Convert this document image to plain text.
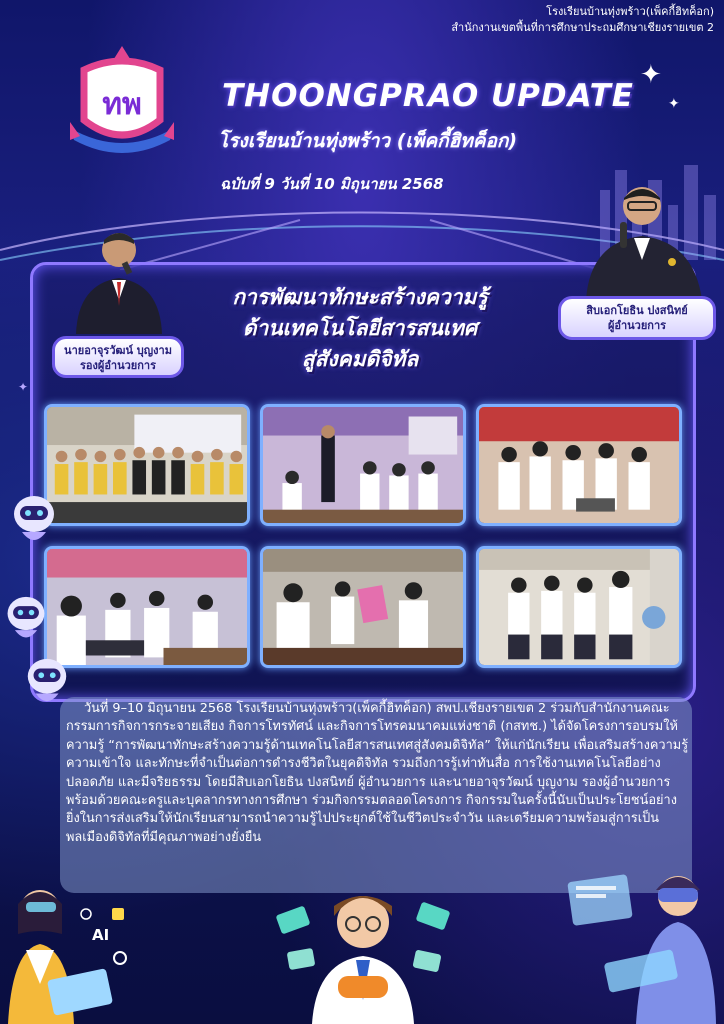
โรงเรียนบ้านทุ่งพร้าว(เพ็คกี้ฮิทค็อก)
สำนักงานเขตพื้นที่การศึกษาประถมศึกษาเชียงรายเขต 2
✦
✦
✦
ทพ	THOONGPRAO UPDATE
โรงเรียนบ้านทุ่งพร้าว (เพ็คกี้ฮิทค็อก)
ฉบับที่ 9 วันที่ 10 มิถุนายน 2568
นายอาจุรวัฒน์ บุญงาม
รองผู้อำนวยการ
สิบเอกโยธิน ปงสนิทย์
ผู้อำนวยการ
การพัฒนาทักษะสร้างความรู้
ด้านเทคโนโลยีสารสนเทศ
สู่สังคมดิจิทัล

วันที่ 9–10 มิถุนายน 2568 โรงเรียนบ้านทุ่งพร้าว(เพ็คกี้ฮิทค็อก) สพป.เชียงรายเขต 2 ร่วมกับสำนักงานคณะกรรมการกิจการกระจายเสียง กิจการโทรทัศน์ และกิจการโทรคมนาคมแห่งชาติ (กสทช.) ได้จัดโครงการอบรมให้ความรู้ “การพัฒนาทักษะสร้างความรู้ด้านเทคโนโลยีสารสนเทศสู่สังคมดิจิทัล” ให้แก่นักเรียน เพื่อเสริมสร้างความรู้ ความเข้าใจ และทักษะที่จำเป็นต่อการดำรงชีวิตในยุคดิจิทัล รวมถึงการรู้เท่าทันสื่อ การใช้งานเทคโนโลยีอย่างปลอดภัย และมีจริยธรรม โดยมีสิบเอกโยธิน ปงสนิทย์ ผู้อำนวยการ และนายอาจุรวัฒน์ บุญงาม รองผู้อำนวยการ พร้อมด้วยคณะครูและบุคลากรทางการศึกษา ร่วมกิจกรรมตลอดโครงการ กิจกรรมในครั้งนี้นับเป็นประโยชน์อย่างยิ่งในการส่งเสริมให้นักเรียนสามารถนำความรู้ไปประยุกต์ใช้ในชีวิตประจำวัน และเตรียมความพร้อมสู่การเป็นพลเมืองดิจิทัลที่มีคุณภาพอย่างยั่งยืน

AI
